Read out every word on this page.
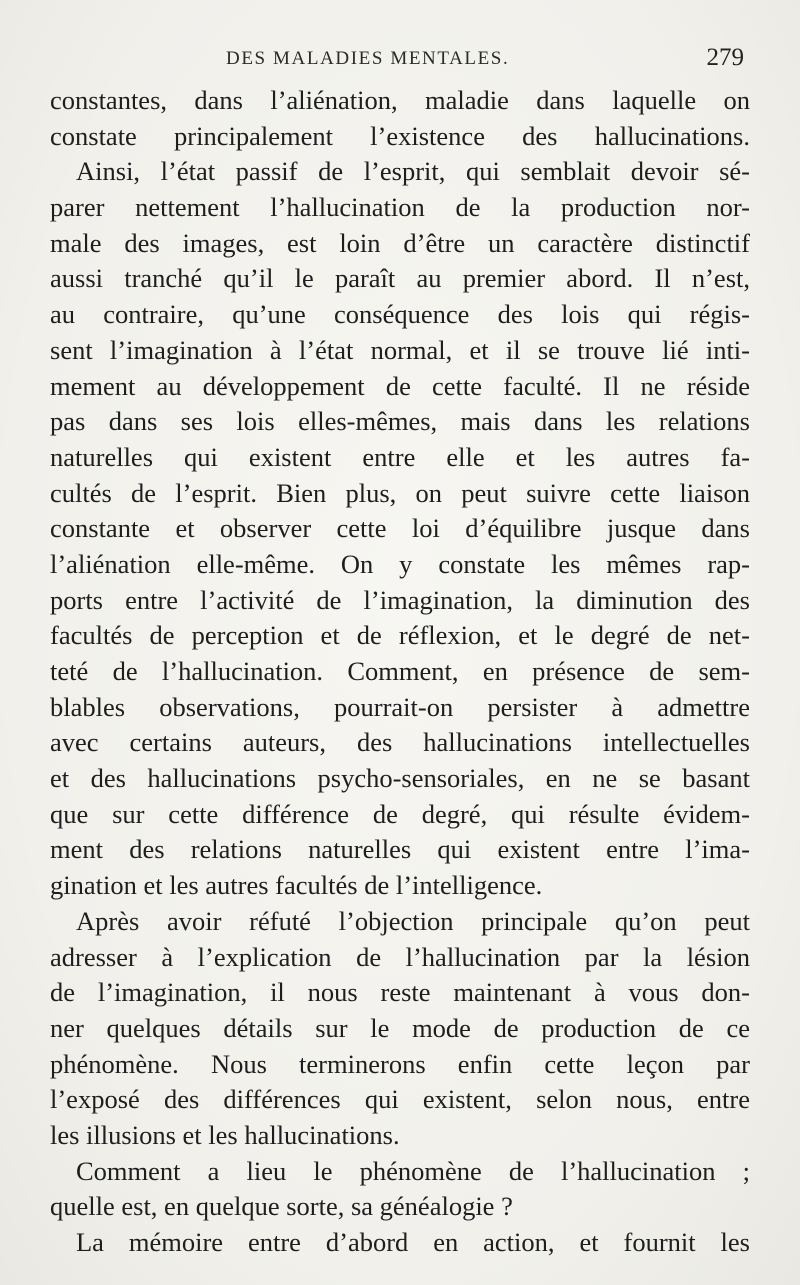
DES MALADIES MENTALES.	279
constantes, dans l’aliénation, maladie dans laquelle on
constate principalement l’existence des hallucinations.
Ainsi, l’état passif de l’esprit, qui semblait devoir sé-
parer nettement l’hallucination de la production nor-
male des images, est loin d’être un caractère distinctif
aussi tranché qu’il le paraît au premier abord. Il n’est,
au contraire, qu’une conséquence des lois qui régis-
sent l’imagination à l’état normal, et il se trouve lié inti-
mement au développement de cette faculté. Il ne réside
pas dans ses lois elles-mêmes, mais dans les relations
naturelles qui existent entre elle et les autres fa-
cultés de l’esprit. Bien plus, on peut suivre cette liaison
constante et observer cette loi d’équilibre jusque dans
l’aliénation elle-même. On y constate les mêmes rap-
ports entre l’activité de l’imagination, la diminution des
facultés de perception et de réflexion, et le degré de net-
teté de l’hallucination. Comment, en présence de sem-
blables observations, pourrait-on persister à admettre
avec certains auteurs, des hallucinations intellectuelles
et des hallucinations psycho-sensoriales, en ne se basant
que sur cette différence de degré, qui résulte évidem-
ment des relations naturelles qui existent entre l’ima-
gination et les autres facultés de l’intelligence.
Après avoir réfuté l’objection principale qu’on peut
adresser à l’explication de l’hallucination par la lésion
de l’imagination, il nous reste maintenant à vous don-
ner quelques détails sur le mode de production de ce
phénomène. Nous terminerons enfin cette leçon par
l’exposé des différences qui existent, selon nous, entre
les illusions et les hallucinations.
Comment a lieu le phénomène de l’hallucination ;
quelle est, en quelque sorte, sa généalogie ?
La mémoire entre d’abord en action, et fournit les
